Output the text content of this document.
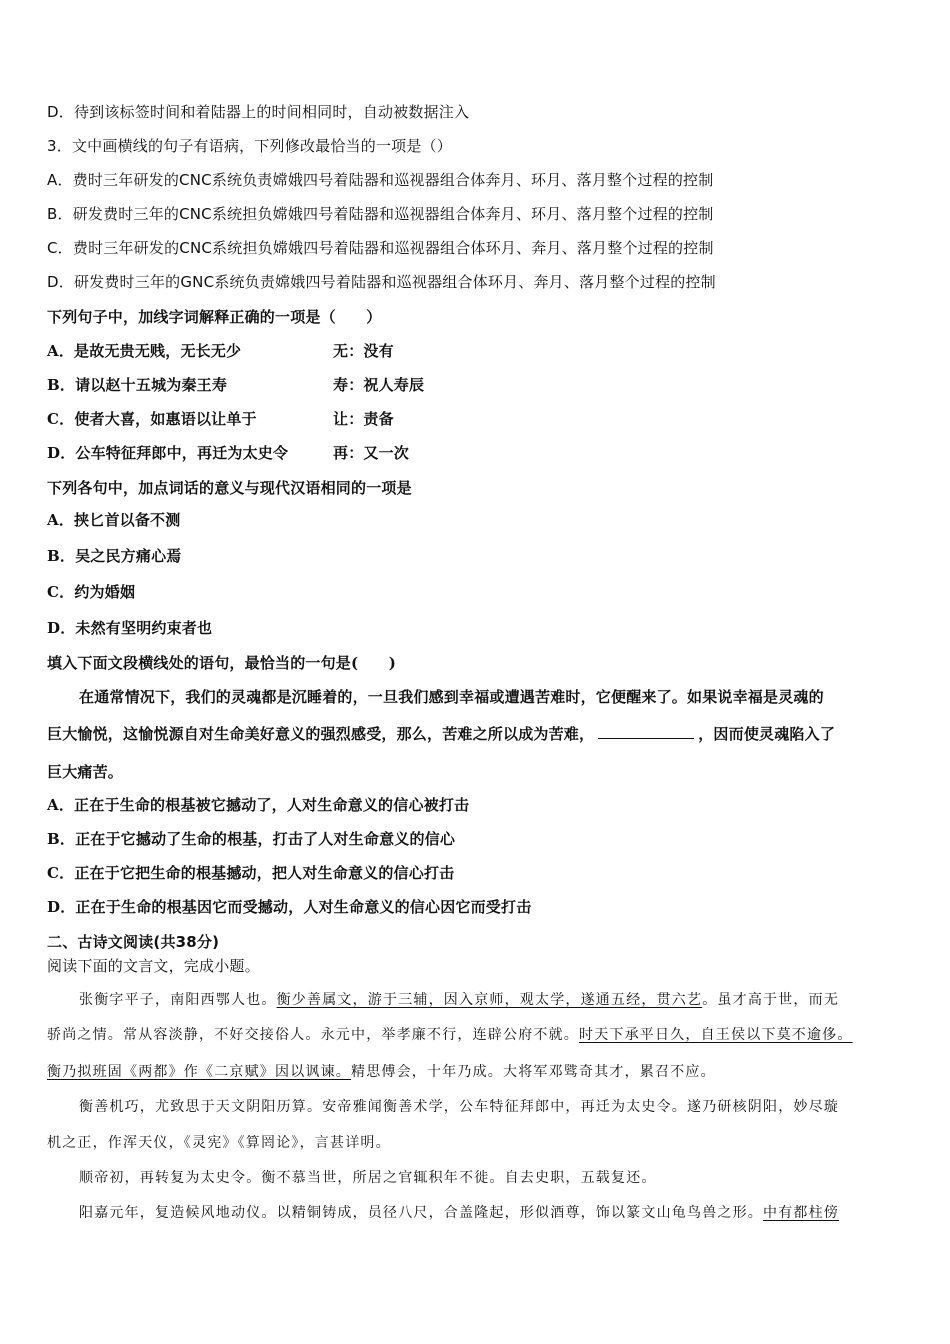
D．待到该标签时间和着陆器上的时间相同时，自动被数据注入
3．文中画横线的句子有语病，下列修改最恰当的一项是（）
A．费时三年研发的CNC系统负责嫦娥四号着陆器和巡视器组合体奔月、环月、落月整个过程的控制
B．研发费时三年的CNC系统担负嫦娥四号着陆器和巡视器组合体奔月、环月、落月整个过程的控制
C．费时三年研发的CNC系统担负嫦娥四号着陆器和巡视器组合体环月、奔月、落月整个过程的控制
D．研发费时三年的GNC系统负责嫦娥四号着陆器和巡视器组合体环月、奔月、落月整个过程的控制
下列句子中，加线字词解释正确的一项是（　　）
A．是故无贵无贱，无长无少	无：没有
B．请以赵十五城为秦王寿	寿：祝人寿辰
C．使者大喜，如惠语以让单于	让：责备
D．公车特征拜郎中，再迁为太史令	再：又一次
下列各句中，加点词话的意义与现代汉语相同的一项是
A．挟匕首以备不测
B．吴之民方痛心焉
C．约为婚姻
D．未然有坚明约束者也
填入下面文段横线处的语句，最恰当的一句是(　　)
在通常情况下，我们的灵魂都是沉睡着的，一旦我们感到幸福或遭遇苦难时，它便醒来了。如果说幸福是灵魂的
巨大愉悦，这愉悦源自对生命美好意义的强烈感受，那么，苦难之所以成为苦难，	，因而使灵魂陷入了
巨大痛苦。
A．正在于生命的根基被它撼动了，人对生命意义的信心被打击
B．正在于它撼动了生命的根基，打击了人对生命意义的信心
C．正在于它把生命的根基撼动，把人对生命意义的信心打击
D．正在于生命的根基因它而受撼动，人对生命意义的信心因它而受打击
二、古诗文阅读(共38分)
阅读下面的文言文，完成小题。
张衡字平子，南阳西鄂人也。衡少善属文，游于三辅，因入京师，观太学，遂通五经，贯六艺。虽才高于世，而无
骄尚之情。常从容淡静，不好交接俗人。永元中，举孝廉不行，连辟公府不就。时天下承平日久，自王侯以下莫不逾侈。
衡乃拟班固《两都》作《二京赋》因以讽谏。精思傅会，十年乃成。大将军邓骘奇其才，累召不应。
衡善机巧，尤致思于天文阴阳历算。安帝雅闻衡善术学，公车特征拜郎中，再迁为太史令。遂乃研核阴阳，妙尽璇
机之正，作浑天仪，《灵宪》《算罔论》，言甚详明。
顺帝初，再转复为太史令。衡不慕当世，所居之官辄积年不徙。自去史职，五载复还。
阳嘉元年，复造候风地动仪。以精铜铸成，员径八尺，合盖隆起，形似酒尊，饰以篆文山龟鸟兽之形。中有都柱傍
